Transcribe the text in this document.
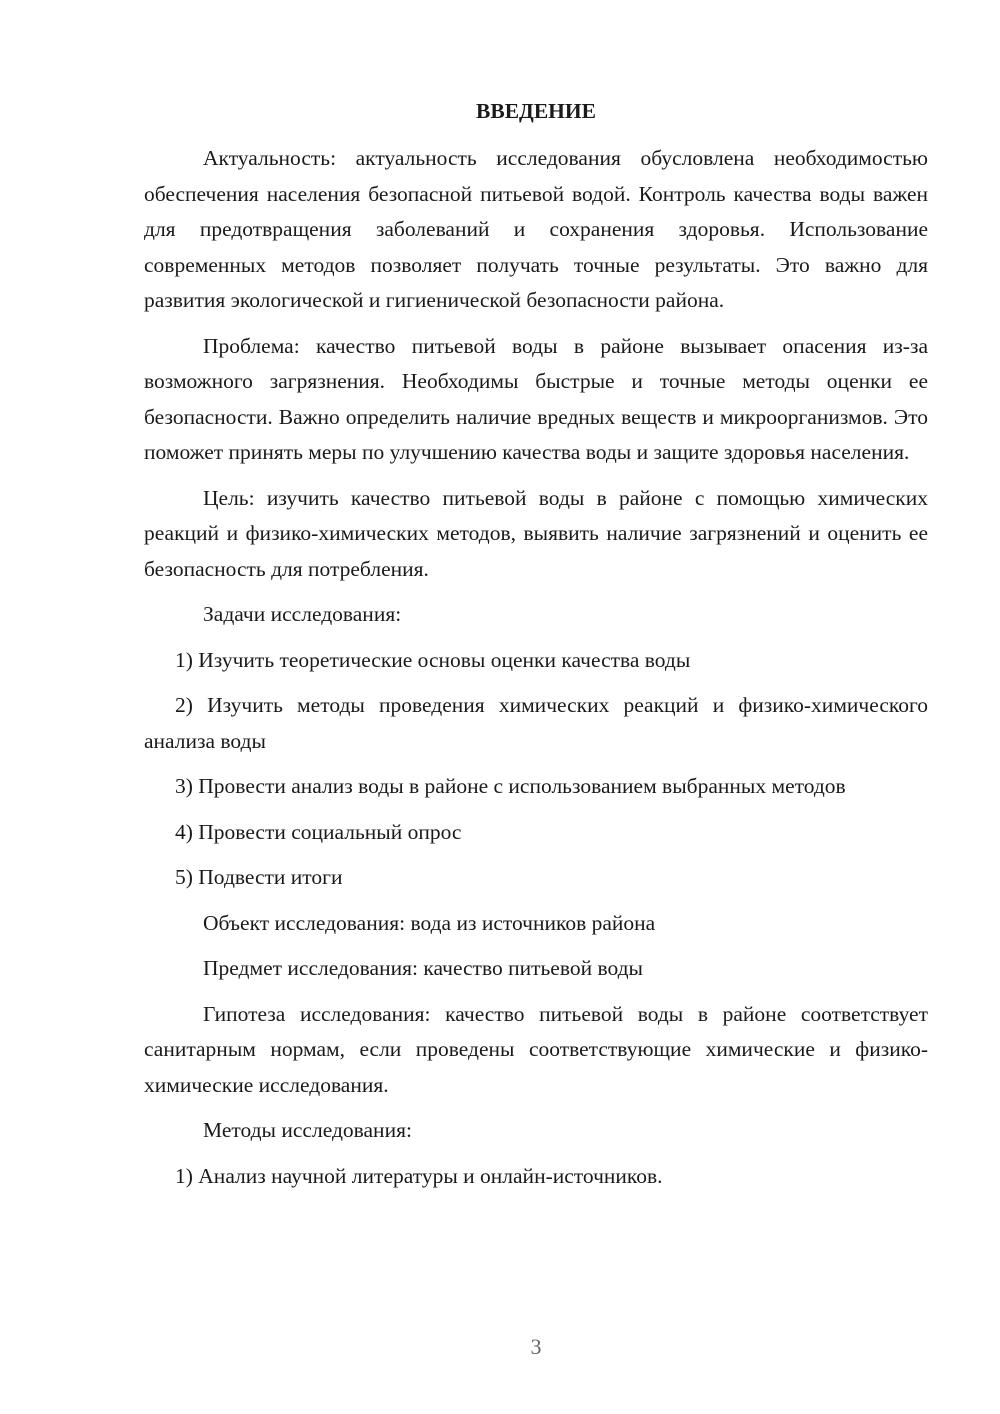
ВВЕДЕНИЕ

Актуальность: актуальность исследования обусловлена необходимостью обеспечения населения безопасной питьевой водой. Контроль качества воды важен для предотвращения заболеваний и сохранения здоровья. Использование современных методов позволяет получать точные результаты. Это важно для развития экологической и гигиенической безопасности района.

Проблема: качество питьевой воды в районе вызывает опасения из-за возможного загрязнения. Необходимы быстрые и точные методы оценки ее безопасности. Важно определить наличие вредных веществ и микроорганизмов. Это поможет принять меры по улучшению качества воды и защите здоровья населения.

Цель: изучить качество питьевой воды в районе с помощью химических реакций и физико-химических методов, выявить наличие загрязнений и оценить ее безопасность для потребления.

Задачи исследования:

1) Изучить теоретические основы оценки качества воды

2) Изучить методы проведения химических реакций и физико-химического анализа воды

3) Провести анализ воды в районе с использованием выбранных методов

4) Провести социальный опрос

5) Подвести итоги

Объект исследования: вода из источников района

Предмет исследования: качество питьевой воды

Гипотеза исследования: качество питьевой воды в районе соответствует санитарным нормам, если проведены соответствующие химические и физико-химические исследования.

Методы исследования:

1) Анализ научной литературы и онлайн-источников.

3
